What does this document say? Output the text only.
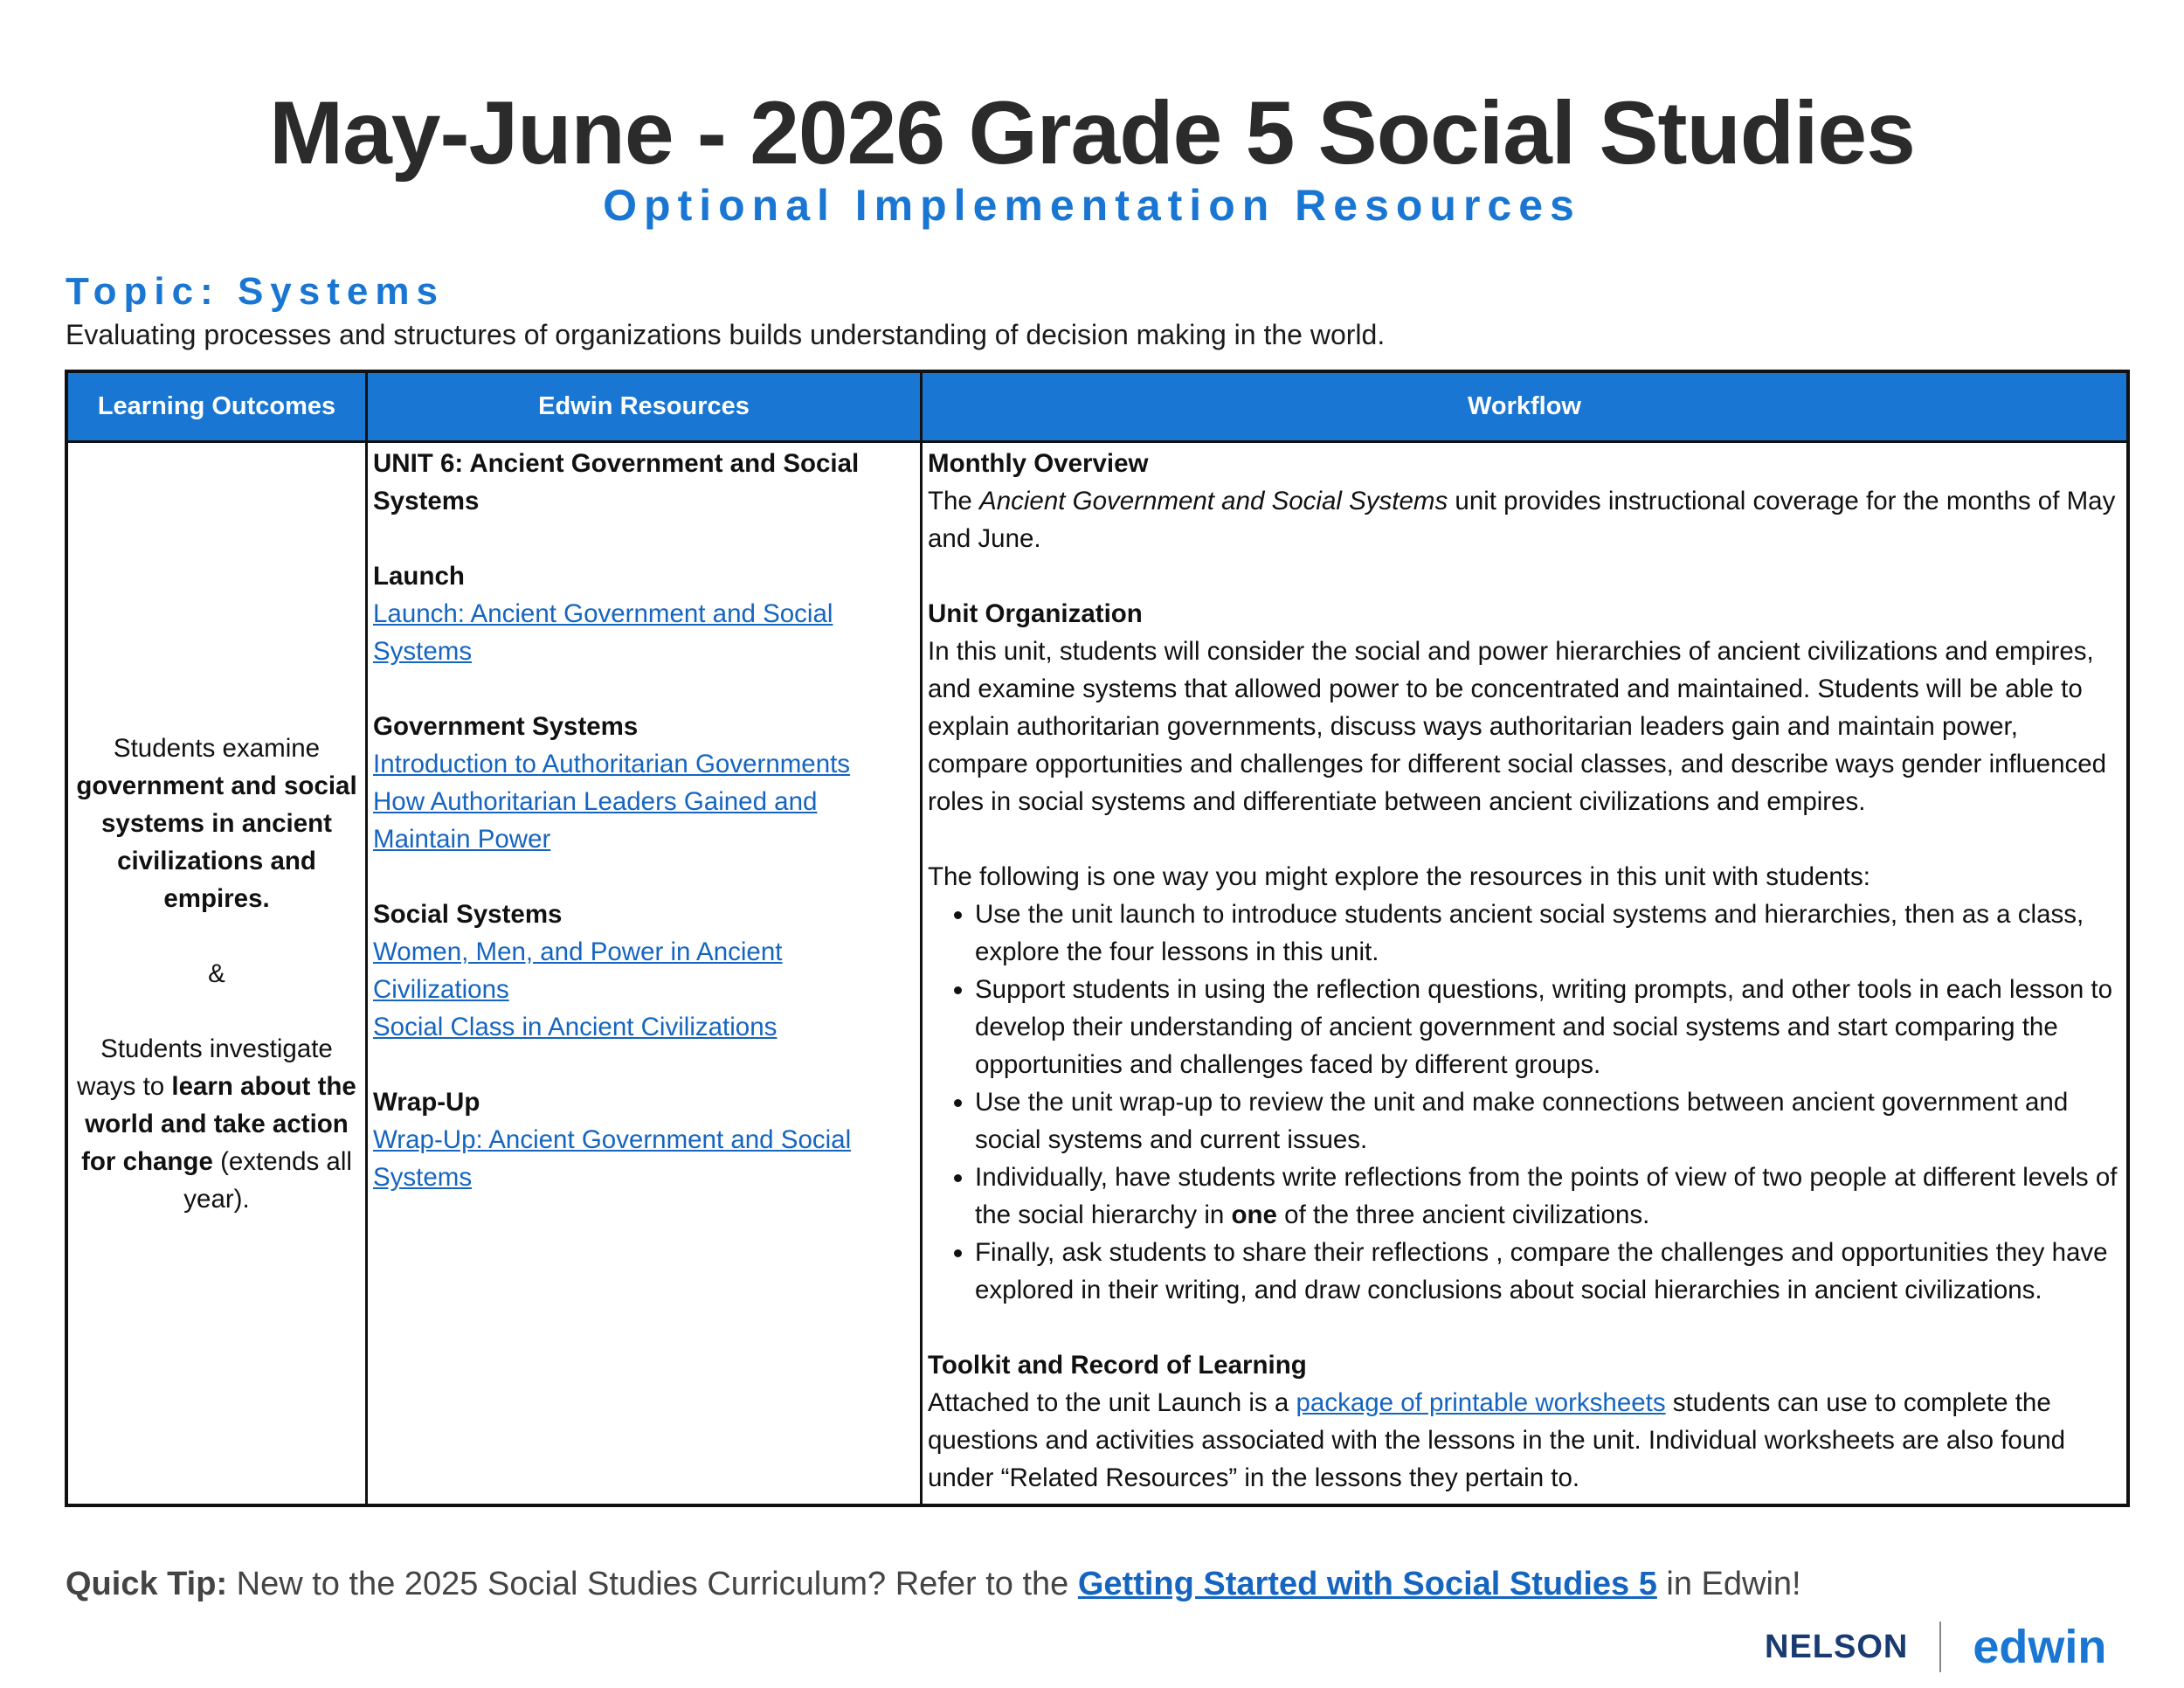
May-June - 2026 Grade 5 Social Studies
Optional Implementation Resources
Topic: Systems
Evaluating processes and structures of organizations builds understanding of decision making in the world.
Learning Outcomes	Edwin Resources	Workflow
Students examine government and social systems in ancient civilizations and empires.
&
Students investigate ways to learn about the world and take action for change (extends all year).

UNIT 6: Ancient Government and Social Systems

Launch

Launch: Ancient Government and Social Systems

Government Systems

Introduction to Authoritarian Governments

How Authoritarian Leaders Gained and Maintain Power

Social Systems

Women, Men, and Power in Ancient Civilizations

Social Class in Ancient Civilizations

Wrap-Up

Wrap-Up: Ancient Government and Social Systems

Monthly Overview

The Ancient Government and Social Systems unit provides instructional coverage for the months of May and June.

Unit Organization

In this unit, students will consider the social and power hierarchies of ancient civilizations and empires, and examine systems that allowed power to be concentrated and maintained. Students will be able to explain authoritarian governments, discuss ways authoritarian leaders gain and maintain power, compare opportunities and challenges for different social classes, and describe ways gender influenced roles in social systems and differentiate between ancient civilizations and empires.

The following is one way you might explore the resources in this unit with students:

• Use the unit launch to introduce students ancient social systems and hierarchies, then as a class, explore the four lessons in this unit.
• Support students in using the reflection questions, writing prompts, and other tools in each lesson to develop their understanding of ancient government and social systems and start comparing the opportunities and challenges faced by different groups.
• Use the unit wrap-up to review the unit and make connections between ancient government and social systems and current issues.
• Individually, have students write reflections from the points of view of two people at different levels of the social hierarchy in one of the three ancient civilizations.
• Finally, ask students to share their reflections , compare the challenges and opportunities they have explored in their writing, and draw conclusions about social hierarchies in ancient civilizations.

Toolkit and Record of Learning

Attached to the unit Launch is a package of printable worksheets students can use to complete the questions and activities associated with the lessons in the unit. Individual worksheets are also found under “Related Resources” in the lessons they pertain to.

Quick Tip: New to the 2025 Social Studies Curriculum? Refer to the Getting Started with Social Studies 5 in Edwin!
NELSON edwin
